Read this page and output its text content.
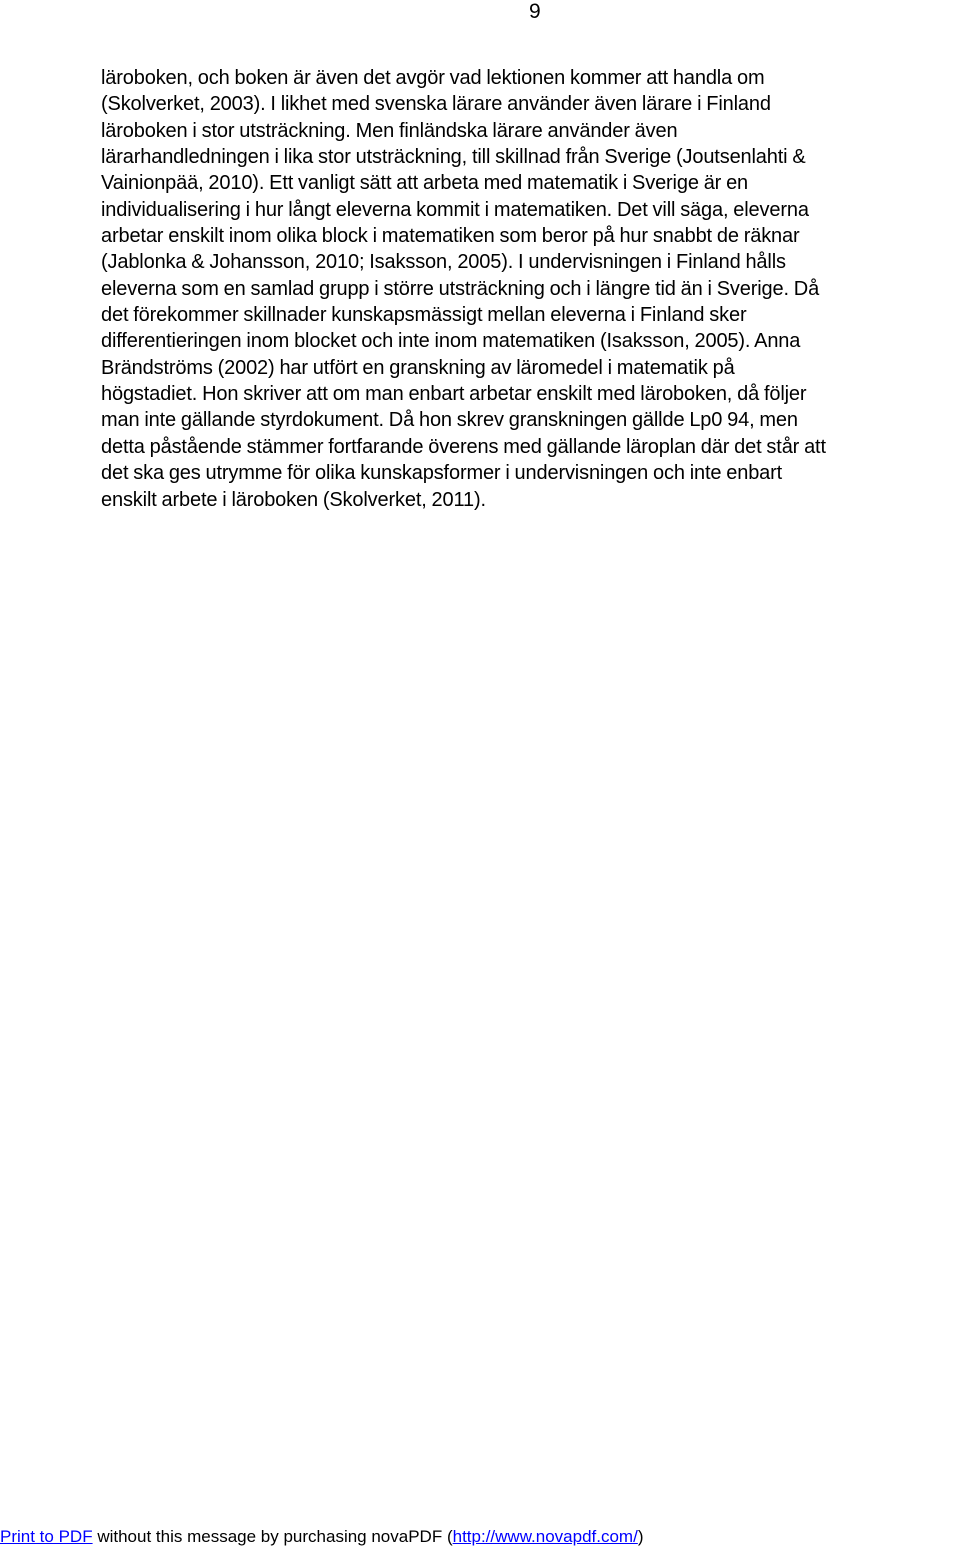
9

läroboken, och boken är även det avgör vad lektionen kommer att handla om
(Skolverket, 2003). I likhet med svenska lärare använder även lärare i Finland
läroboken i stor utsträckning. Men finländska lärare använder även
lärarhandledningen i lika stor utsträckning, till skillnad från Sverige (Joutsenlahti &
Vainionpää, 2010). Ett vanligt sätt att arbeta med matematik i Sverige är en
individualisering i hur långt eleverna kommit i matematiken. Det vill säga, eleverna
arbetar enskilt inom olika block i matematiken som beror på hur snabbt de räknar
(Jablonka & Johansson, 2010; Isaksson, 2005). I undervisningen i Finland hålls
eleverna som en samlad grupp i större utsträckning och i längre tid än i Sverige. Då
det förekommer skillnader kunskapsmässigt mellan eleverna i Finland sker
differentieringen inom blocket och inte inom matematiken (Isaksson, 2005). Anna
Brändströms (2002) har utfört en granskning av läromedel i matematik på
högstadiet. Hon skriver att om man enbart arbetar enskilt med läroboken, då följer
man inte gällande styrdokument. Då hon skrev granskningen gällde Lp0 94, men
detta påstående stämmer fortfarande överens med gällande läroplan där det står att
det ska ges utrymme för olika kunskapsformer i undervisningen och inte enbart
enskilt arbete i läroboken (Skolverket, 2011).

Print to PDF without this message by purchasing novaPDF (http://www.novapdf.com/)
